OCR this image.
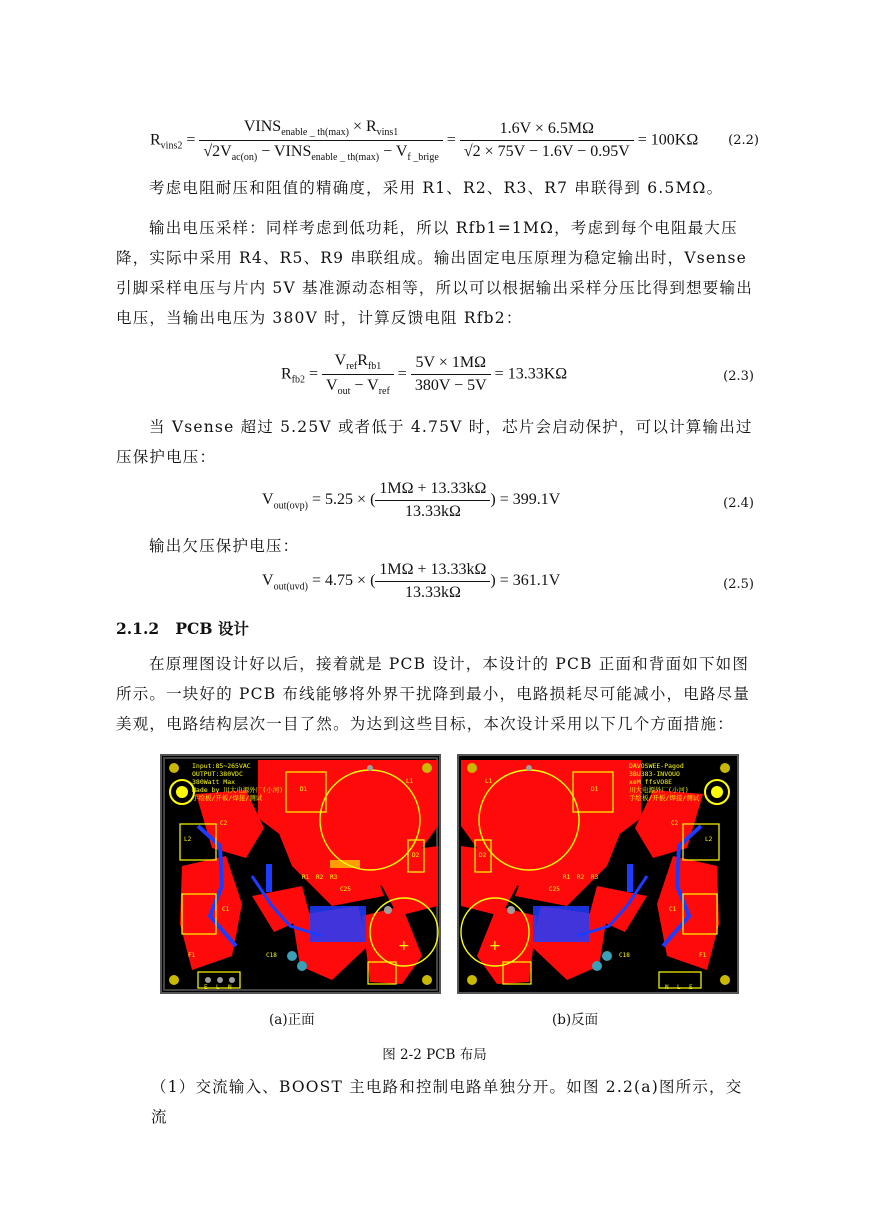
$R_{vins2} = \frac{VINS_{enable \_ th(max)} \times R_{vins1}}{√2V_{ac(on)} - VINS_{enable \_ th(max)} - V_{f \_brige}} = \frac{1.6V \times 6.5M\Omega}{√2 \times 75V - 1.6V - 0.95V} = 100K\Omega$ (2.2)
考虑电阻耐压和阻值的精确度，采用 R1、R2、R3、R7 串联得到 6.5MΩ。
输出电压采样：同样考虑到低功耗，所以 Rfb1=1MΩ，考虑到每个电阻最大压降，实际中采用 R4、R5、R9 串联组成。输出固定电压原理为稳定输出时，Vsense 引脚采样电压与片内 5V 基准源动态相等，所以可以根据输出采样分压比得到想要输出电压，当输出电压为 380V 时，计算反馈电阻 Rfb2：
$R_{fb2} = \frac{V_{ref}R_{fb1}}{V_{out} - V_{ref}} = \frac{5V \times 1M\Omega}{380V - 5V} = 13.33K\Omega$	(2.3)
当 Vsense 超过 5.25V 或者低于 4.75V 时，芯片会启动保护，可以计算输出过压保护电压：
$V_{out(ovp)} = 5.25$ × ( $\frac{1M\Omega + 13.33k\Omega}{13.33k\Omega}$ ) = 399.1V	(2.4)
输出欠压保护电压：
$V_{out(uvd)} = 4.75$ × ( $\frac{1M\Omega + 13.33k\Omega}{13.33k\Omega}$ ) = 361.1V	(2.5)
2.1.2 PCB 设计
在原理图设计好以后，接着就是 PCB 设计，本设计的 PCB 正面和背面如下如图所示。一块好的 PCB 布线能够将外界干扰降到最小，电路损耗尽可能减小，电路尽量美观，电路结构层次一目了然。为达到这些目标，本次设计采用以下几个方面措施：
+
Input:85~265VAC
OUTPUT:380VDC
380Watt Max
Made by 川大电源外厂(小河)
手绘板/开板/焊接/测试
L1
L2
D1
D2
C1
C2
R1 R2 R3
C25
C18
F1
E L N
+
DAVOSWEE-Pagod
3BU383-INVOUO
xeM ffsVO8E
川大电源外厂(小河)
手绘板/开板/焊接/测试
L1
L2
D1
D2
C1
C2
R1 R2 R3
C25
C18	F1
N L E
(a)正面	(b)反面
图 2-2 PCB 布局
（1）交流输入、BOOST 主电路和控制电路单独分开。如图 2.2(a)图所示，交流
